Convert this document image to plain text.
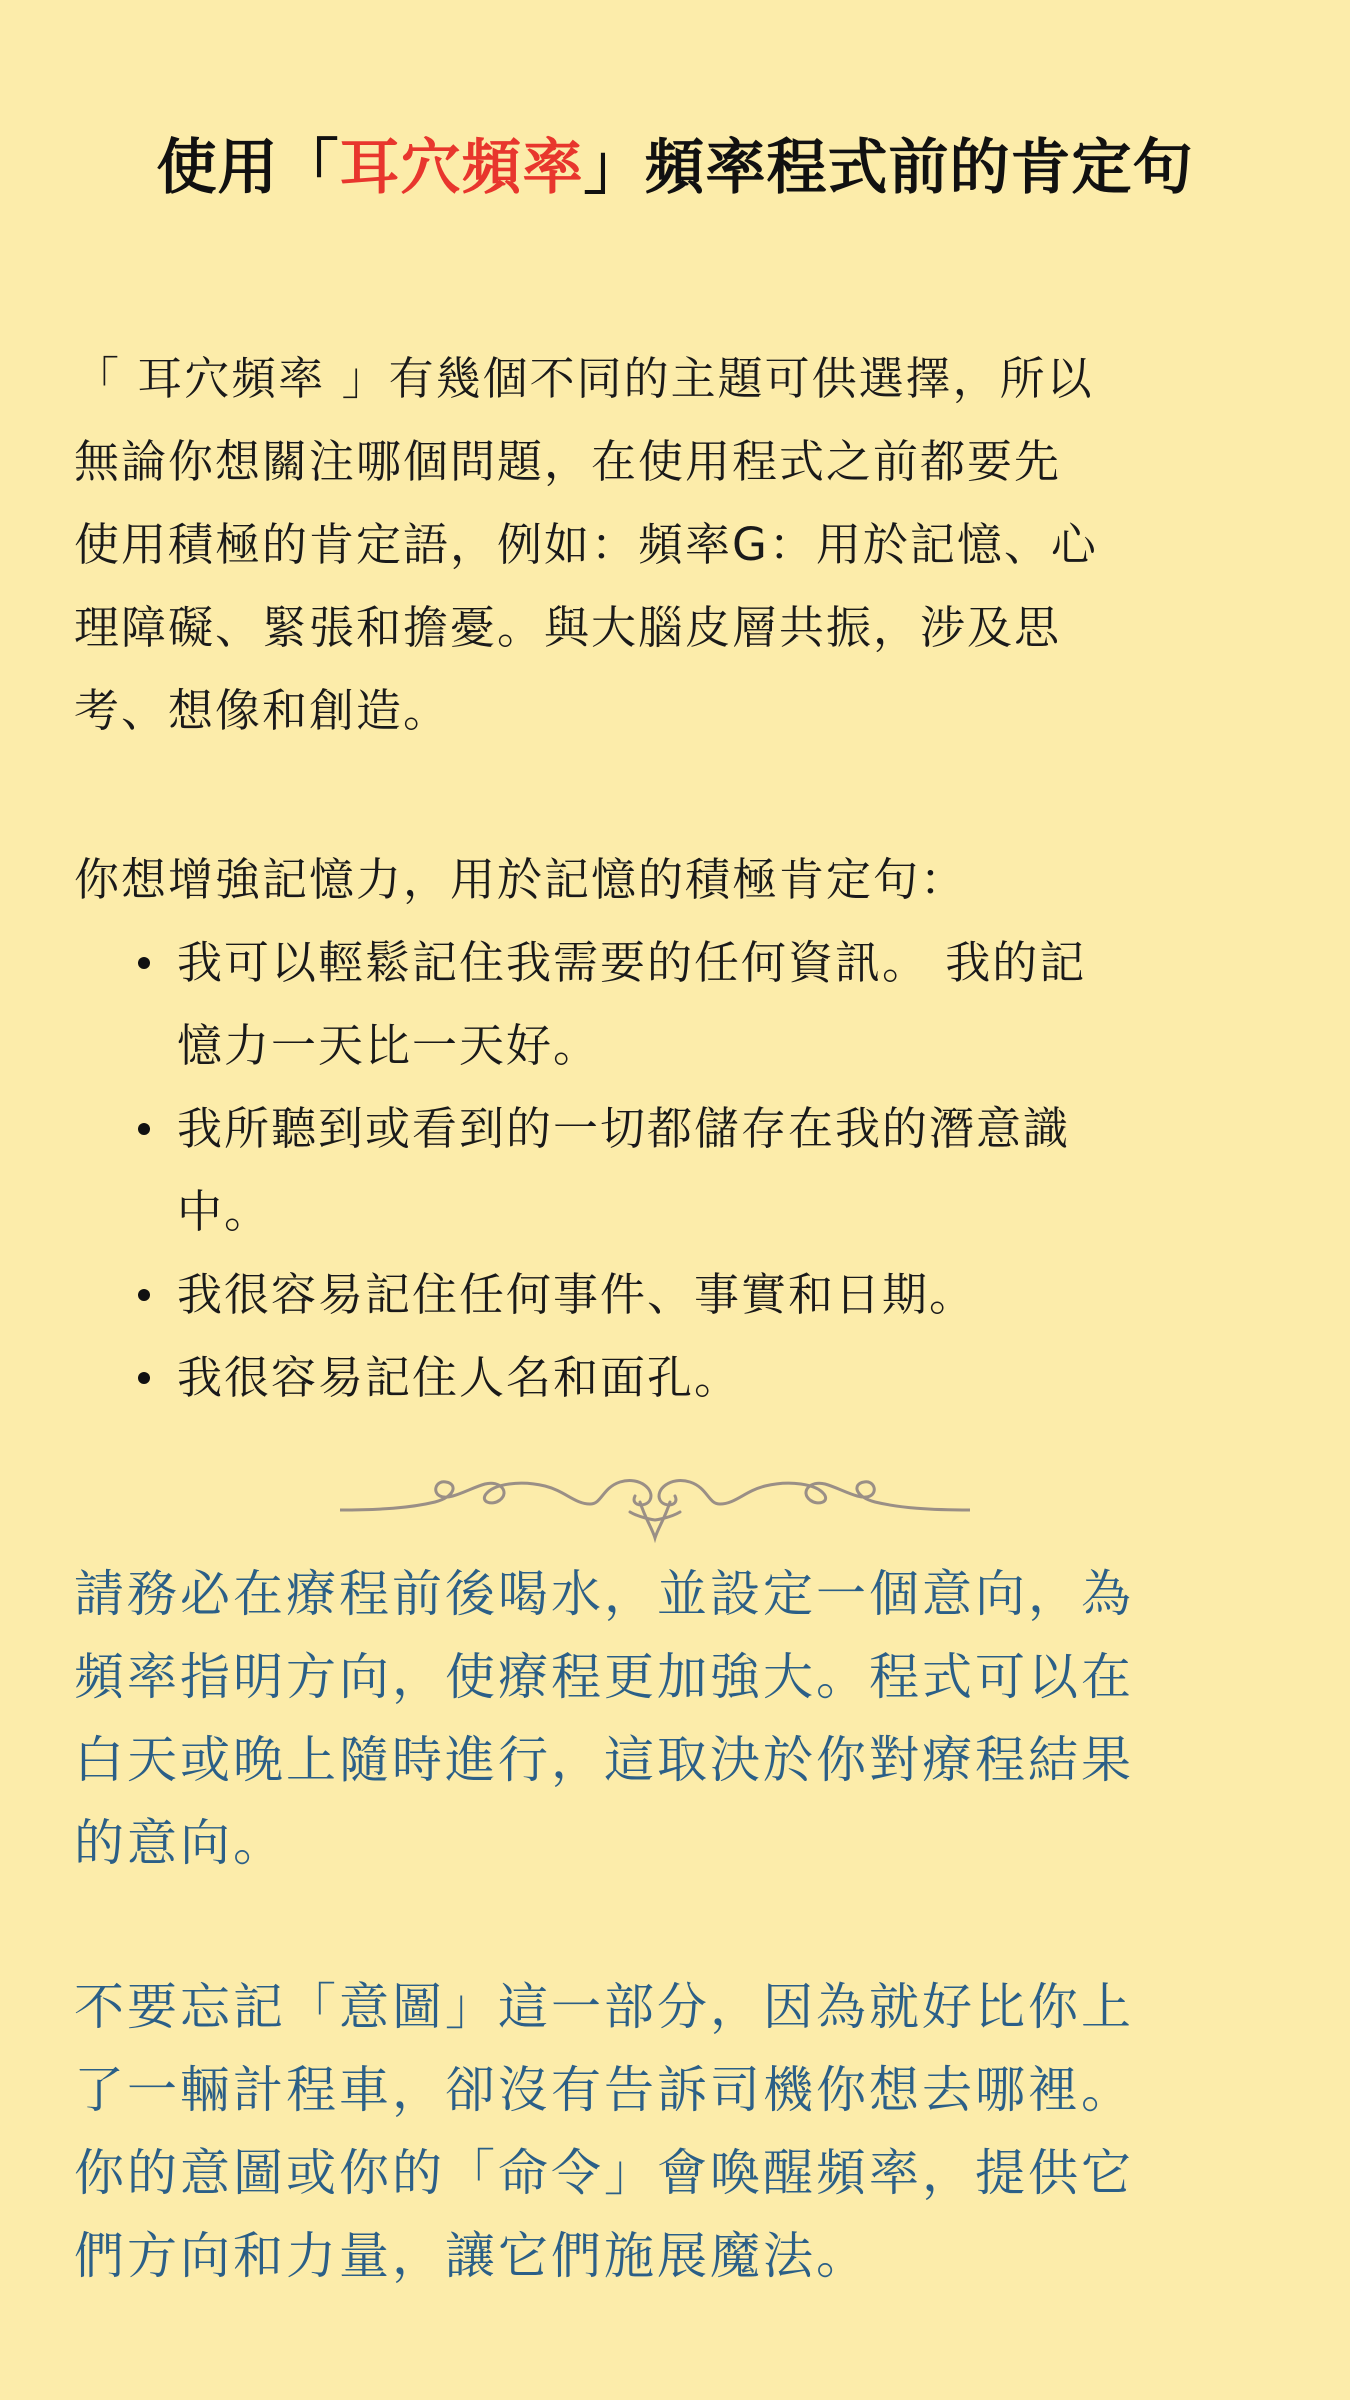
使用「耳穴頻率」頻率程式前的肯定句
「 耳穴頻率 」有幾個不同的主題可供選擇，所以
無論你想關注哪個問題，在使用程式之前都要先
使用積極的肯定語，例如：頻率G：用於記憶、心
理障礙、緊張和擔憂。與大腦皮層共振，涉及思
考、想像和創造。
你想增強記憶力，用於記憶的積極肯定句：
我可以輕鬆記住我需要的任何資訊。 我的記
憶力一天比一天好。
我所聽到或看到的一切都儲存在我的潛意識
中。
我很容易記住任何事件、事實和日期。
我很容易記住人名和面孔。
請務必在療程前後喝水，並設定一個意向，為
頻率指明方向，使療程更加強大。程式可以在
白天或晚上隨時進行，這取決於你對療程結果
的意向。
不要忘記「意圖」這一部分，因為就好比你上
了一輛計程車，卻沒有告訴司機你想去哪裡。
你的意圖或你的「命令」會喚醒頻率，提供它
們方向和力量，讓它們施展魔法。
